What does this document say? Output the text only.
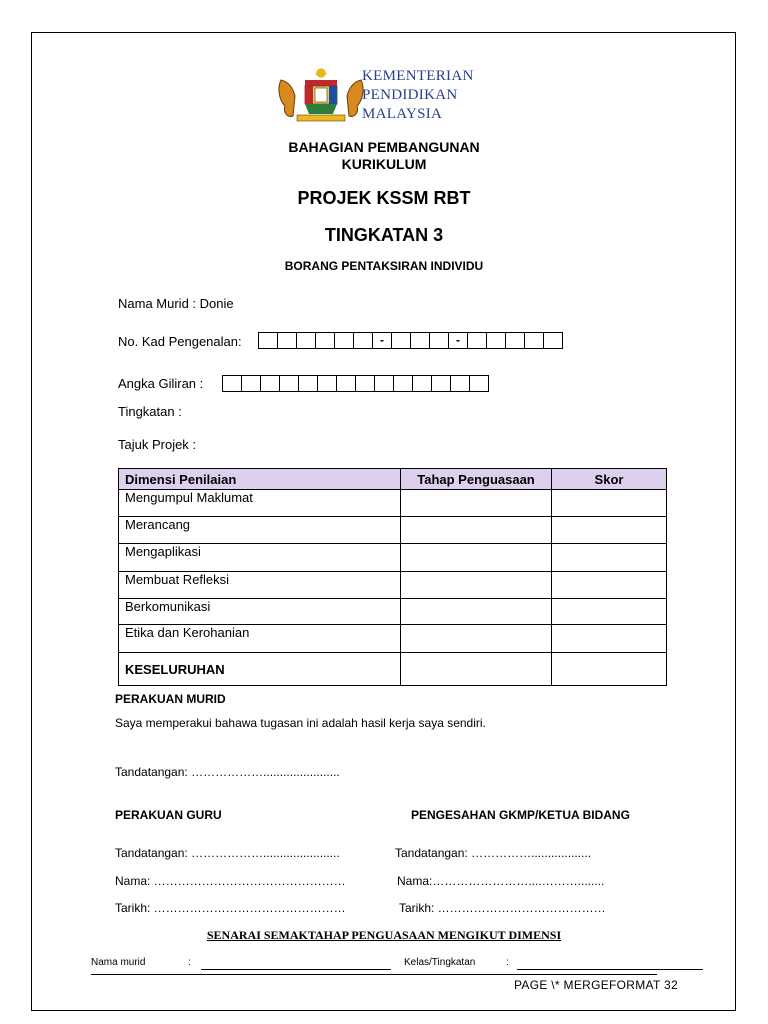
KEMENTERIAN
PENDIDIKAN
MALAYSIA
BAHAGIAN PEMBANGUNAN
KURIKULUM
PROJEK KSSM RBT
TINGKATAN 3
BORANG PENTAKSIRAN INDIVIDU
Nama Murid : Donie
No. Kad Pengenalan:	-	-
Angka Giliran :
Tingkatan :
Tajuk Projek :
Dimensi Penilaian	Tahap Penguasaan	Skor
Mengumpul Maklumat		
Merancang		
Mengaplikasi		
Membuat Refleksi		
Berkomunikasi		
Etika dan Kerohanian		
KESELURUHAN		
PERAKUAN MURID
Saya memperakui bahawa tugasan ini adalah hasil kerja saya sendiri.
Tandatangan: ……………….......................
PERAKUAN GURU	PENGESAHAN GKMP/KETUA BIDANG
Tandatangan: ……………….......................	Tandatangan: ……………..................
Nama: …………………………………………	Nama:……………………....………........
Tarikh: …………………………………………	Tarikh: ……………………………………
SENARAI SEMAKTAHAP PENGUASAAN MENGIKUT DIMENSI
Nama murid	:	Kelas/Tingkatan	:
PAGE \* MERGEFORMAT 32
